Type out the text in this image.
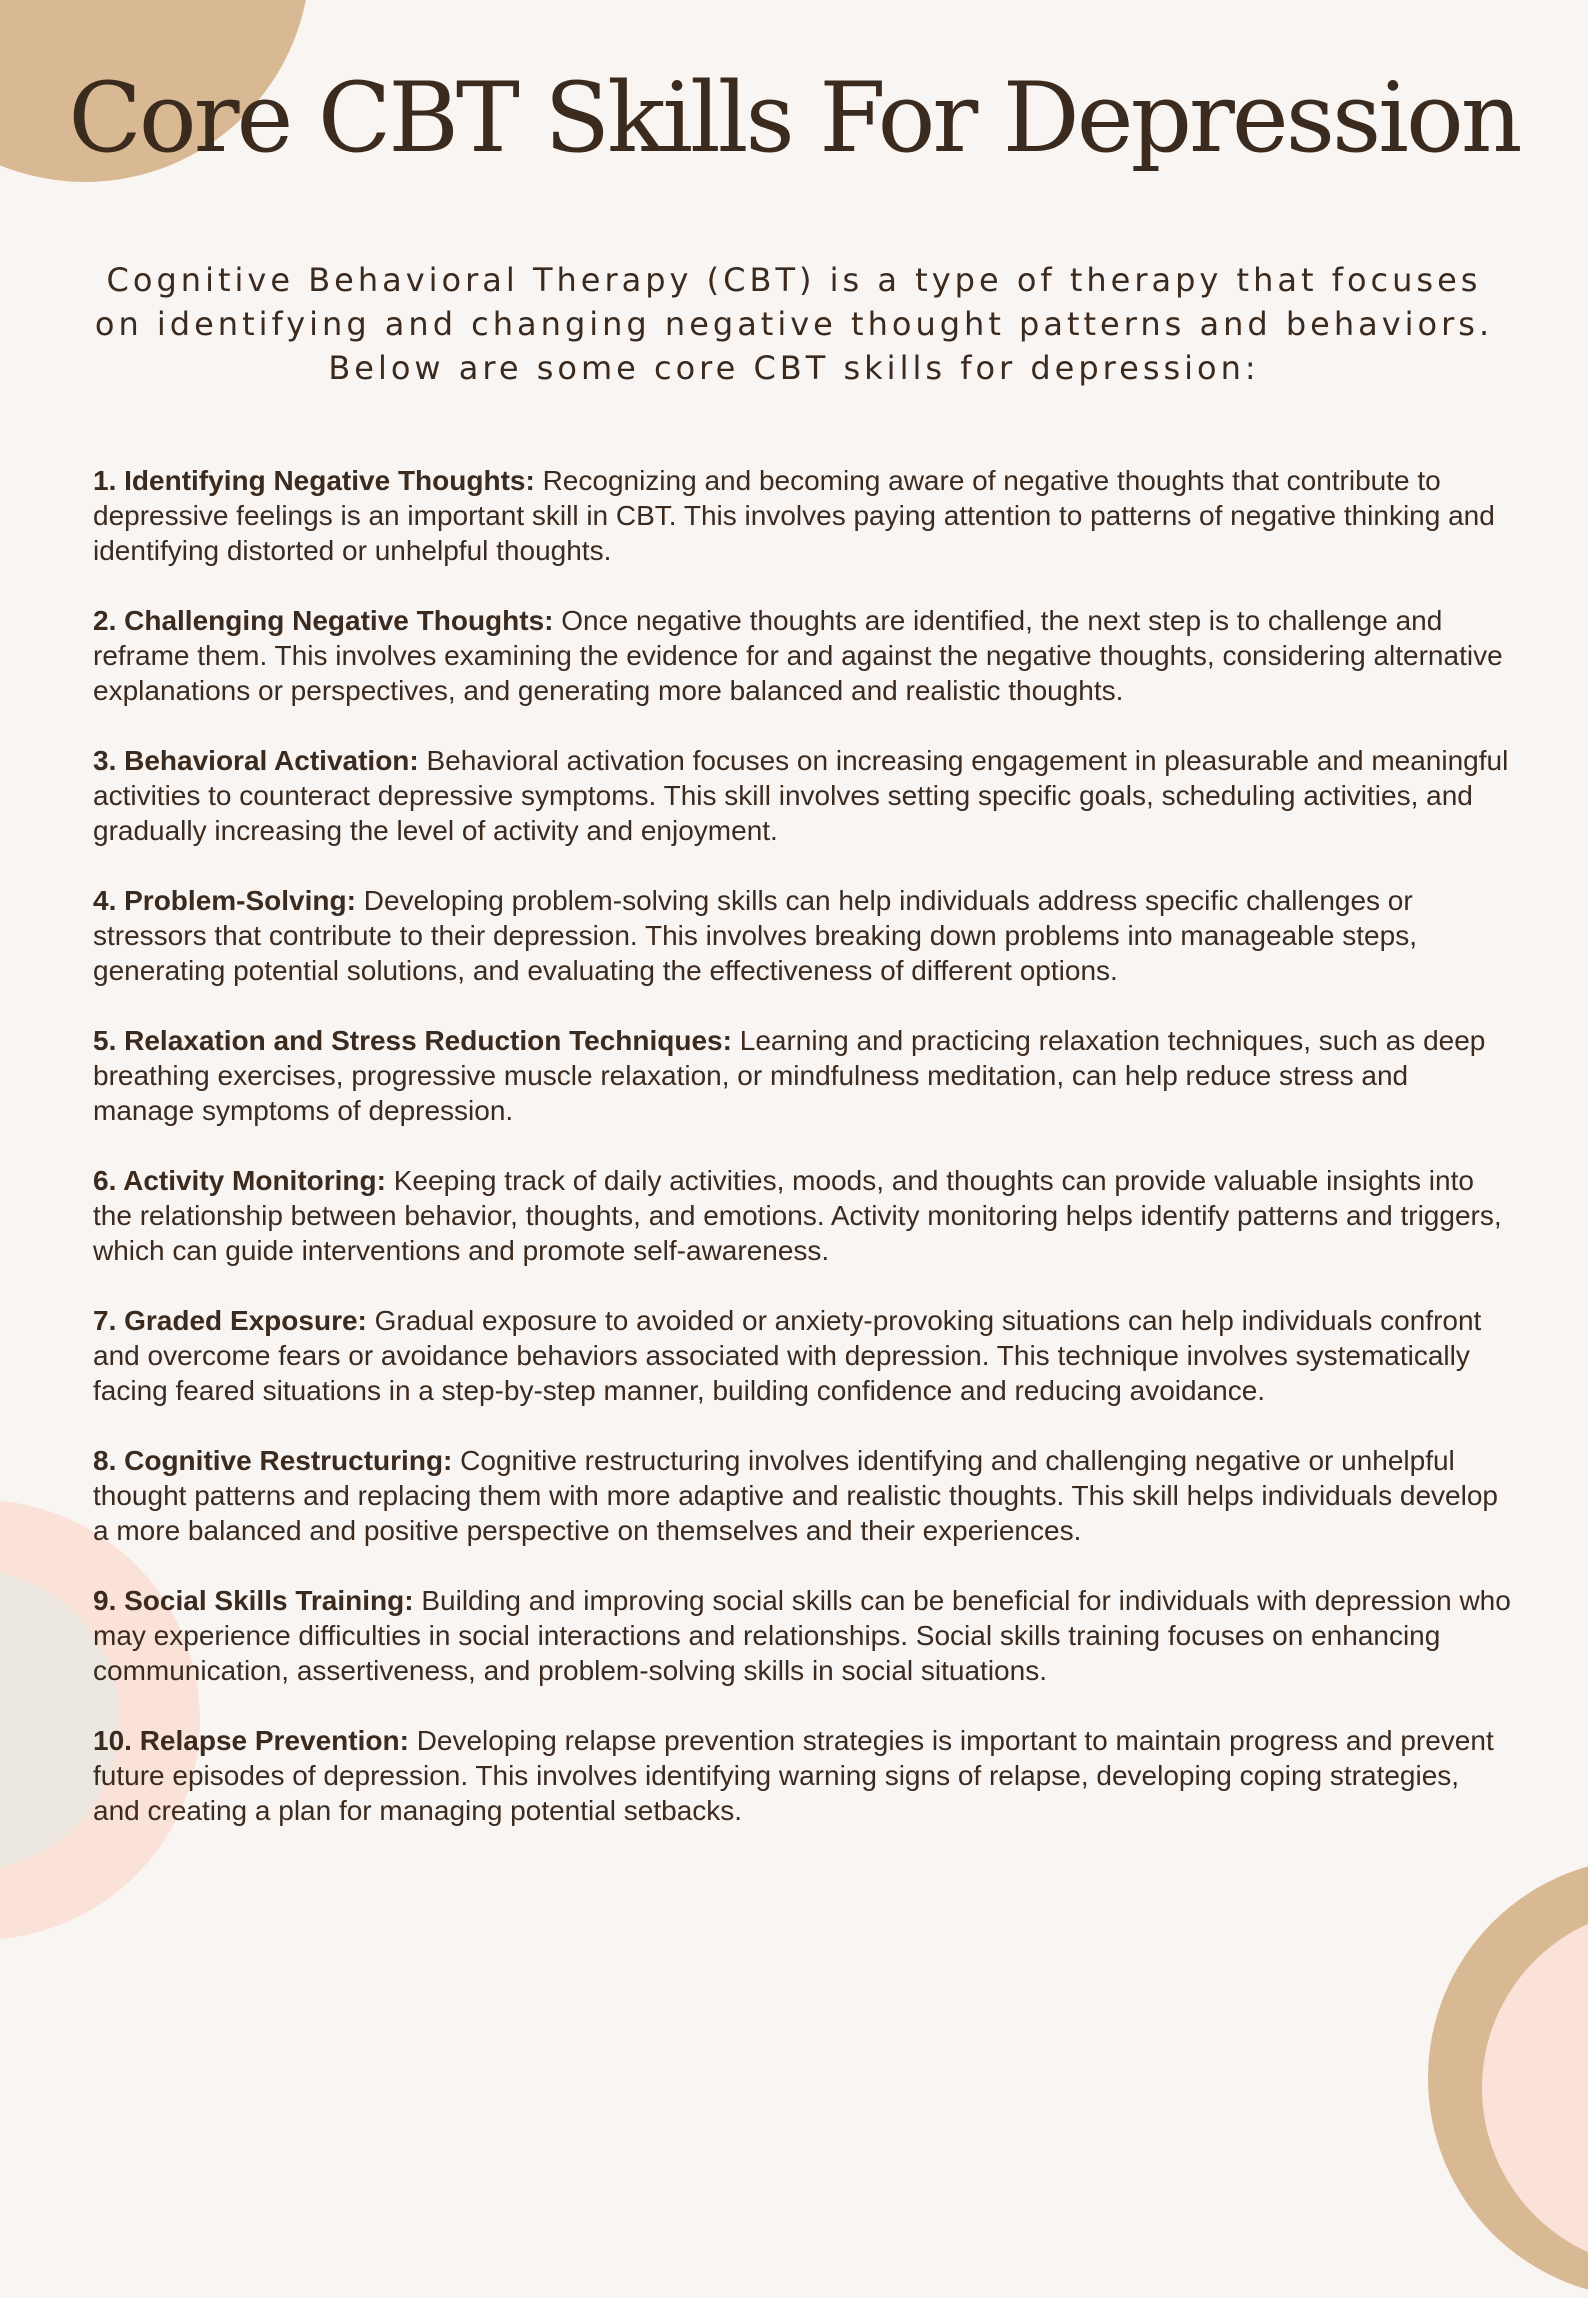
Core CBT Skills For Depression

Cognitive Behavioral Therapy (CBT) is a type of therapy that focuses on identifying and changing negative thought patterns and behaviors. Below are some core CBT skills for depression:

1. Identifying Negative Thoughts: Recognizing and becoming aware of negative thoughts that contribute to depressive feelings is an important skill in CBT. This involves paying attention to patterns of negative thinking and identifying distorted or unhelpful thoughts.

2. Challenging Negative Thoughts: Once negative thoughts are identified, the next step is to challenge and reframe them. This involves examining the evidence for and against the negative thoughts, considering alternative explanations or perspectives, and generating more balanced and realistic thoughts.

3. Behavioral Activation: Behavioral activation focuses on increasing engagement in pleasurable and meaningful activities to counteract depressive symptoms. This skill involves setting specific goals, scheduling activities, and gradually increasing the level of activity and enjoyment.

4. Problem-Solving: Developing problem-solving skills can help individuals address specific challenges or stressors that contribute to their depression. This involves breaking down problems into manageable steps, generating potential solutions, and evaluating the effectiveness of different options.

5. Relaxation and Stress Reduction Techniques: Learning and practicing relaxation techniques, such as deep breathing exercises, progressive muscle relaxation, or mindfulness meditation, can help reduce stress and manage symptoms of depression.

6. Activity Monitoring: Keeping track of daily activities, moods, and thoughts can provide valuable insights into the relationship between behavior, thoughts, and emotions. Activity monitoring helps identify patterns and triggers, which can guide interventions and promote self-awareness.

7. Graded Exposure: Gradual exposure to avoided or anxiety-provoking situations can help individuals confront and overcome fears or avoidance behaviors associated with depression. This technique involves systematically facing feared situations in a step-by-step manner, building confidence and reducing avoidance.

8. Cognitive Restructuring: Cognitive restructuring involves identifying and challenging negative or unhelpful thought patterns and replacing them with more adaptive and realistic thoughts. This skill helps individuals develop a more balanced and positive perspective on themselves and their experiences.

9. Social Skills Training: Building and improving social skills can be beneficial for individuals with depression who may experience difficulties in social interactions and relationships. Social skills training focuses on enhancing communication, assertiveness, and problem-solving skills in social situations.

10. Relapse Prevention: Developing relapse prevention strategies is important to maintain progress and prevent future episodes of depression. This involves identifying warning signs of relapse, developing coping strategies, and creating a plan for managing potential setbacks.
